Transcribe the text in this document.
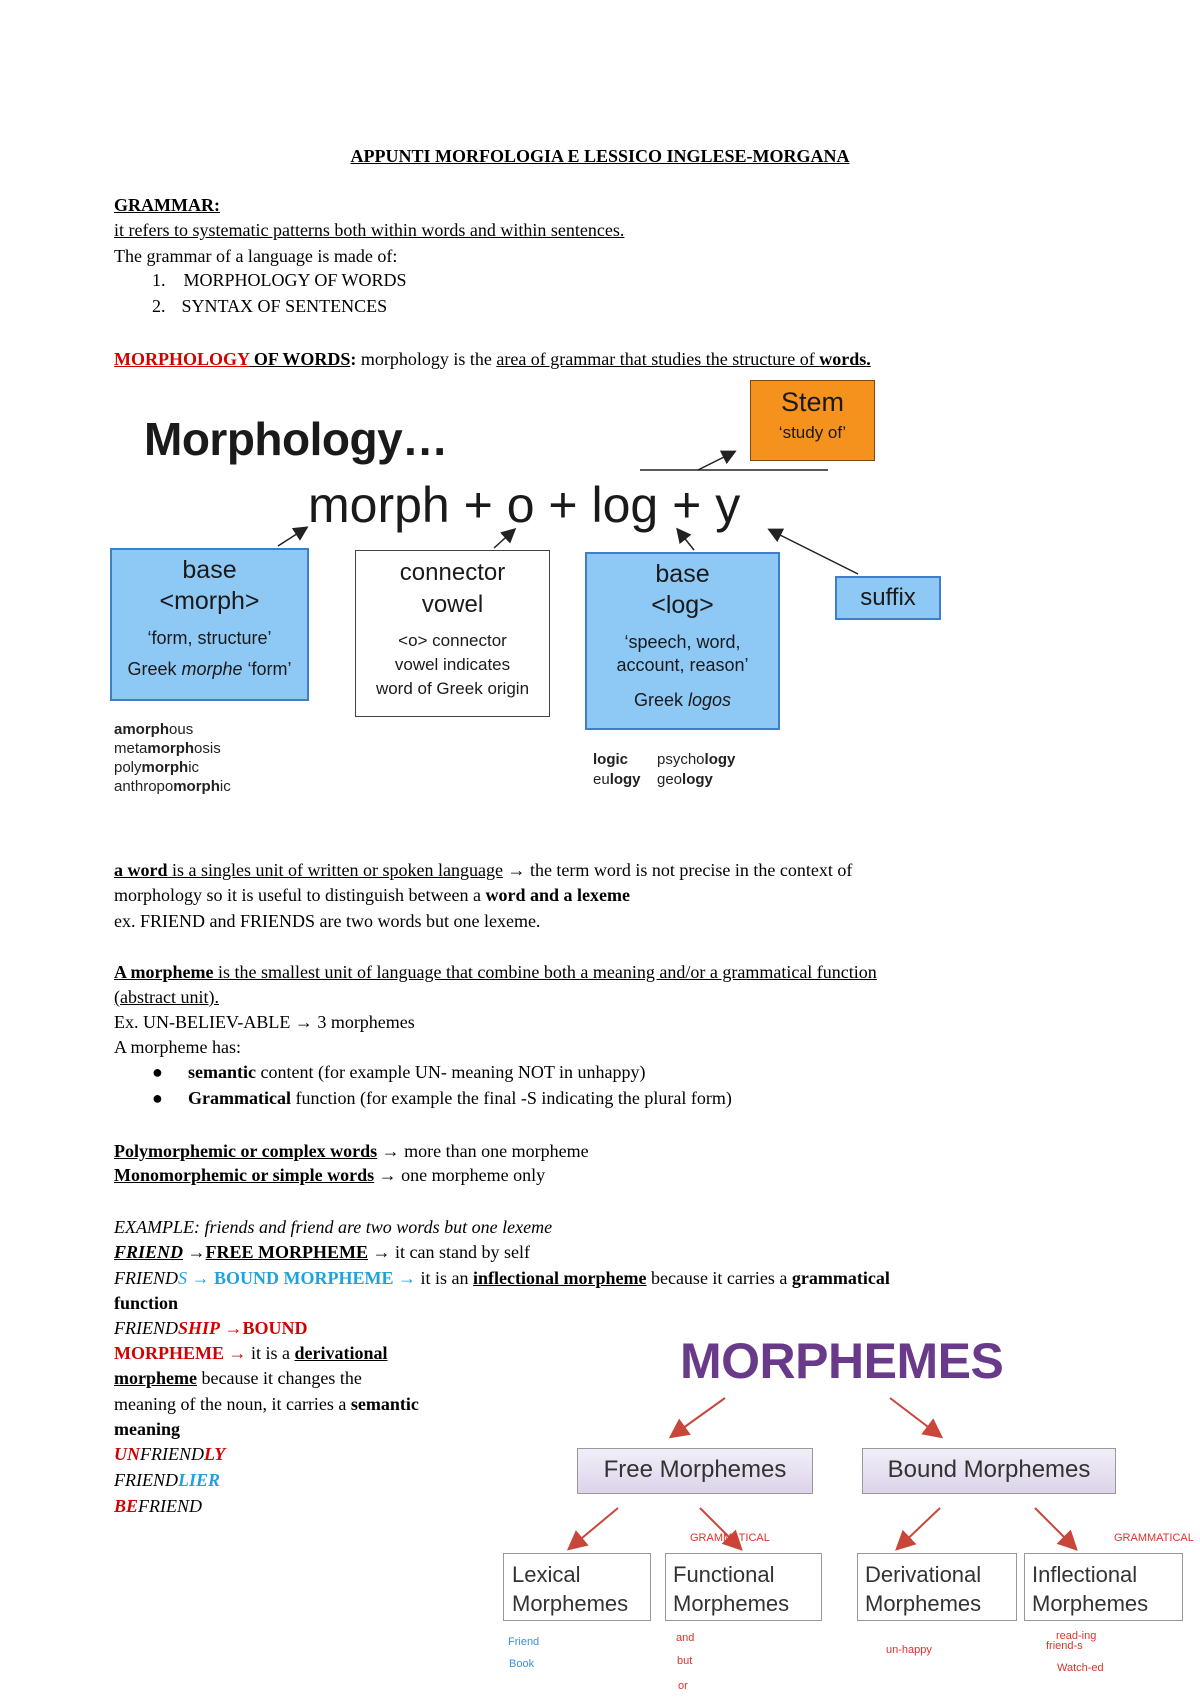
APPUNTI MORFOLOGIA E LESSICO INGLESE-MORGANA
GRAMMAR:
it refers to systematic patterns both within words and within sentences.
The grammar of a language is made of:
1. MORPHOLOGY OF WORDS
2. SYNTAX OF SENTENCES
MORPHOLOGY OF WORDS: morphology is the area of grammar that studies the structure of words.
Morphology…
morph + o + log + y
Stem
‘study of’
base
<morph>
‘form, structure’
Greek morphe ‘form’
connector
vowel
<o> connector
vowel indicates
word of Greek origin
base
<log>
‘speech, word,
account, reason’
Greek logos
suffix
amorphous
metamorphosis
polymorphic
anthropomorphic
logic psychology
eulogy geology
a word is a singles unit of written or spoken language → the term word is not precise in the context of
morphology so it is useful to distinguish between a word and a lexeme
ex. FRIEND and FRIENDS are two words but one lexeme.
A morpheme is the smallest unit of language that combine both a meaning and/or a grammatical function
(abstract unit).
Ex. UN-BELIEV-ABLE → 3 morphemes
A morpheme has:
● semantic content (for example UN- meaning NOT in unhappy)
● Grammatical function (for example the final -S indicating the plural form)
Polymorphemic or complex words → more than one morpheme
Monomorphemic or simple words → one morpheme only
EXAMPLE: friends and friend are two words but one lexeme
FRIEND →FREE MORPHEME → it can stand by self
FRIENDS → BOUND MORPHEME → it is an inflectional morpheme because it carries a grammatical
function
FRIENDSHIP →BOUND
MORPHEME → it is a derivational
morpheme because it changes the
meaning of the noun, it carries a semantic
meaning
UNFRIENDLY
FRIENDLIER
BEFRIEND
MORPHEMES
Free Morphemes	Bound Morphemes
GRAMMATICAL	GRAMMATICAL
Lexical
Morphemes
Functional
Morphemes
Derivational
Morphemes
Inflectional
Morphemes
Friend
Book
and
but
or
un-happy
read-ing
friend-s
Watch-ed
